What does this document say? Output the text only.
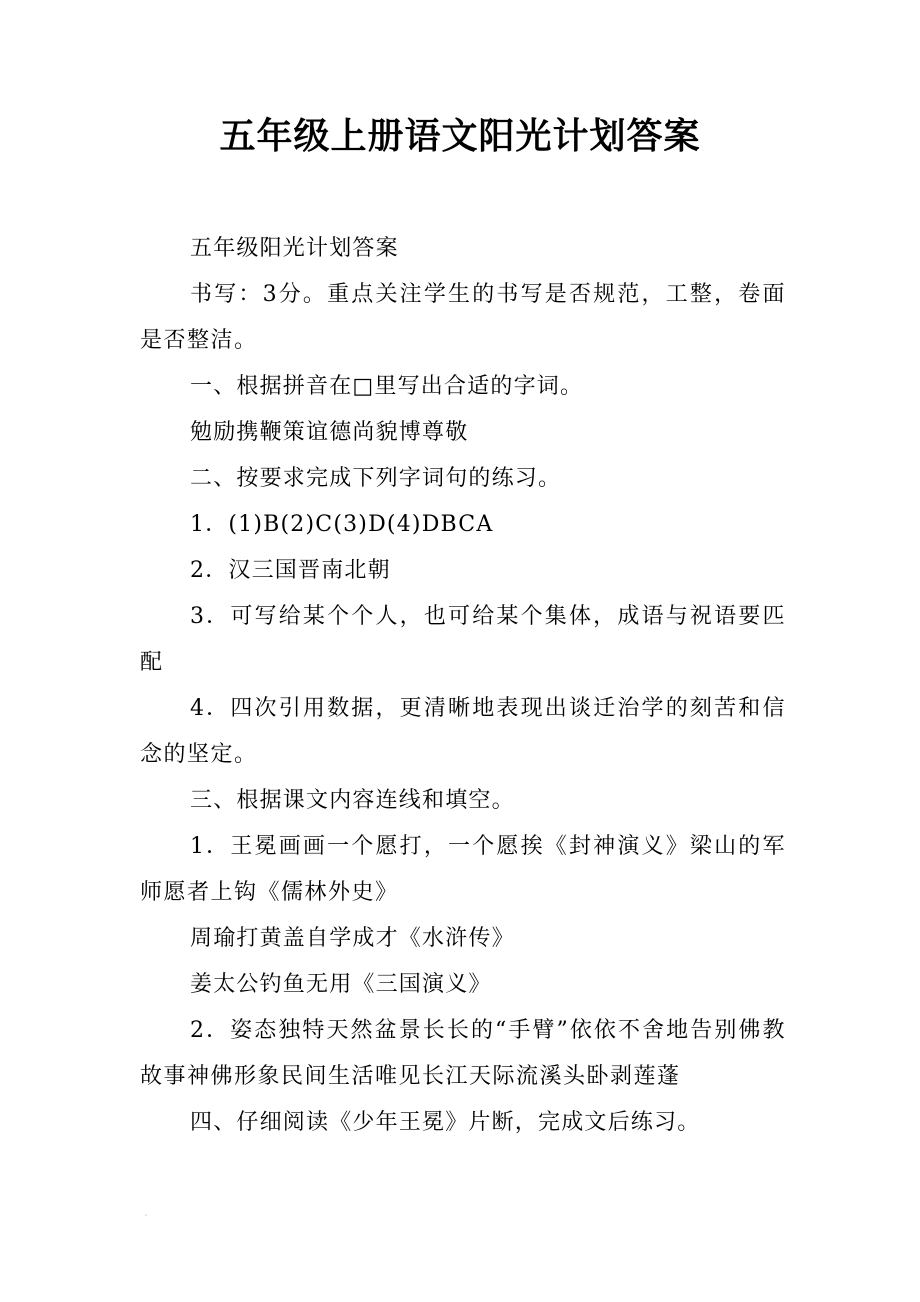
五年级上册语文阳光计划答案

五年级阳光计划答案

书写：3分。重点关注学生的书写是否规范，工整，卷面是否整洁。

一、根据拼音在□里写出合适的字词。

勉励携鞭策谊德尚貌博尊敬

二、按要求完成下列字词句的练习。

1．(1)B(2)C(3)D(4)DBCA

2．汉三国晋南北朝

3．可写给某个个人，也可给某个集体，成语与祝语要匹配

4．四次引用数据，更清晰地表现出谈迁治学的刻苦和信念的坚定。

三、根据课文内容连线和填空。

1．王冕画画一个愿打，一个愿挨《封神演义》梁山的军师愿者上钩《儒林外史》

周瑜打黄盖自学成才《水浒传》

姜太公钓鱼无用《三国演义》

2．姿态独特天然盆景长长的“手臂”依依不舍地告别佛教故事神佛形象民间生活唯见长江天际流溪头卧剥莲蓬

四、仔细阅读《少年王冕》片断，完成文后练习。
